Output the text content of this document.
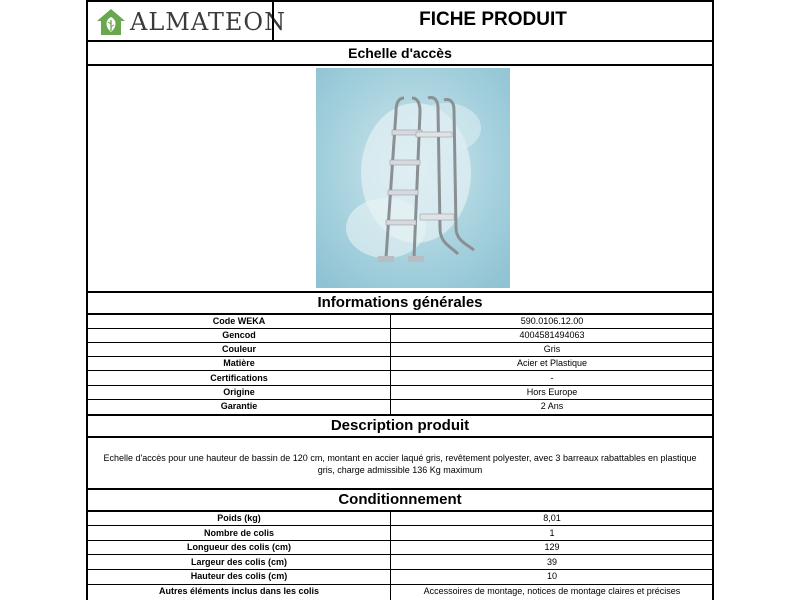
ALMATEON	FICHE PRODUIT
Echelle d'accès
Informations générales
Code WEKA	590.0106.12.00
Gencod	4004581494063
Couleur	Gris
Matière	Acier et Plastique
Certifications	-
Origine	Hors Europe
Garantie	2 Ans
Description produit
Echelle d'accès pour une hauteur de bassin de 120 cm, montant en accier laqué gris, revêtement polyester, avec 3 barreaux rabattables en plastique gris, charge admissible 136 Kg maximum
Conditionnement
Poids (kg)	8,01
Nombre de colis	1
Longueur des colis (cm)	129
Largeur des colis (cm)	39
Hauteur des colis (cm)	10
Autres éléments inclus dans les colis	Accessoires de montage, notices de montage claires et précises
